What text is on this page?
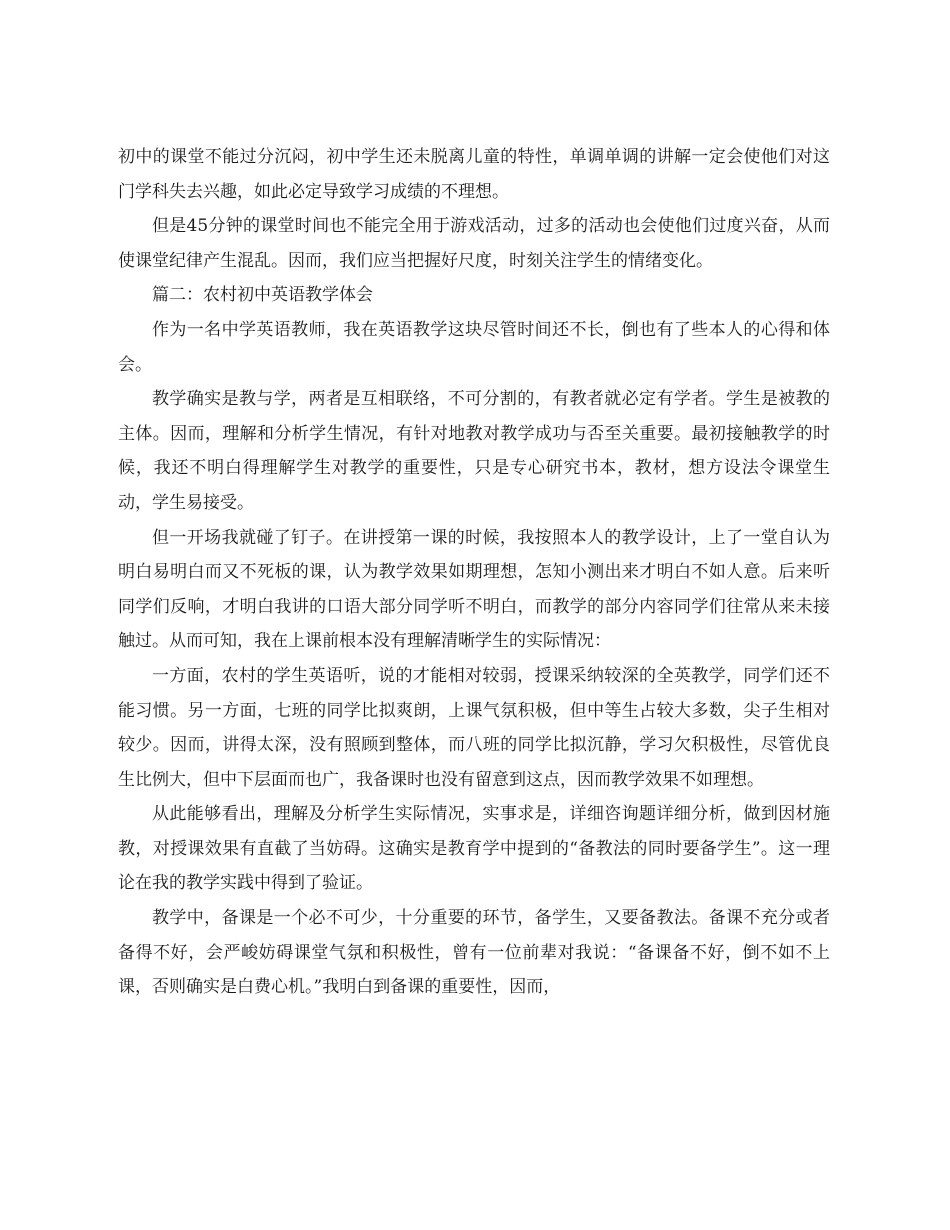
初中的课堂不能过分沉闷，初中学生还未脱离儿童的特性，单调单调的讲解一定会使他们对这门学科失去兴趣，如此必定导致学习成绩的不理想。

但是45分钟的课堂时间也不能完全用于游戏活动，过多的活动也会使他们过度兴奋，从而使课堂纪律产生混乱。因而，我们应当把握好尺度，时刻关注学生的情绪变化。

篇二：农村初中英语教学体会

作为一名中学英语教师，我在英语教学这块尽管时间还不长，倒也有了些本人的心得和体会。

教学确实是教与学，两者是互相联络，不可分割的，有教者就必定有学者。学生是被教的主体。因而，理解和分析学生情况，有针对地教对教学成功与否至关重要。最初接触教学的时候，我还不明白得理解学生对教学的重要性，只是专心研究书本，教材，想方设法令课堂生动，学生易接受。

但一开场我就碰了钉子。在讲授第一课的时候，我按照本人的教学设计，上了一堂自认为明白易明白而又不死板的课，认为教学效果如期理想，怎知小测出来才明白不如人意。后来听同学们反响，才明白我讲的口语大部分同学听不明白，而教学的部分内容同学们往常从来未接触过。从而可知，我在上课前根本没有理解清晰学生的实际情况：

一方面，农村的学生英语听，说的才能相对较弱，授课采纳较深的全英教学，同学们还不能习惯。另一方面，七班的同学比拟爽朗，上课气氛积极，但中等生占较大多数，尖子生相对较少。因而，讲得太深，没有照顾到整体，而八班的同学比拟沉静，学习欠积极性，尽管优良生比例大，但中下层面而也广，我备课时也没有留意到这点，因而教学效果不如理想。

从此能够看出，理解及分析学生实际情况，实事求是，详细咨询题详细分析，做到因材施教，对授课效果有直截了当妨碍。这确实是教育学中提到的“备教法的同时要备学生”。这一理论在我的教学实践中得到了验证。

教学中，备课是一个必不可少，十分重要的环节，备学生，又要备教法。备课不充分或者备得不好，会严峻妨碍课堂气氛和积极性，曾有一位前辈对我说：“备课备不好，倒不如不上课，否则确实是白费心机。”我明白到备课的重要性，因而，
